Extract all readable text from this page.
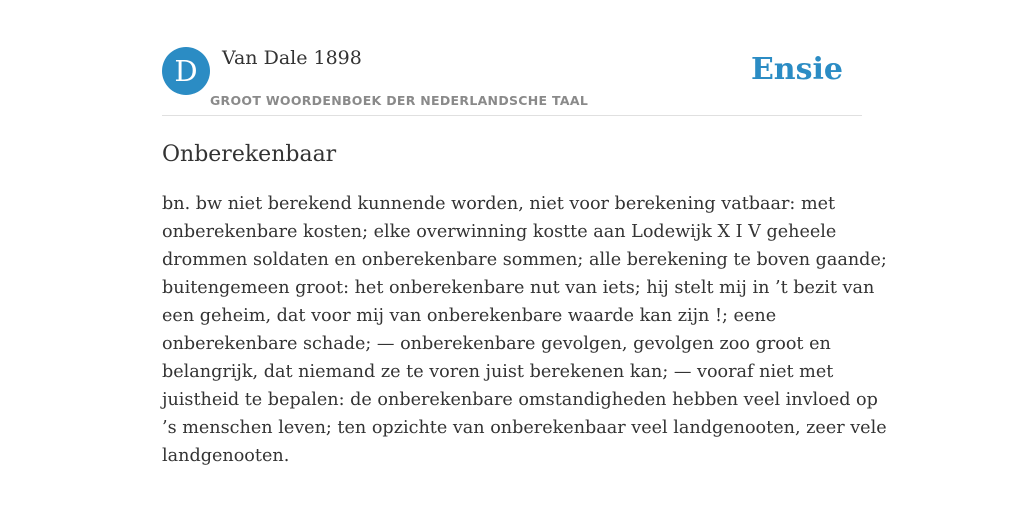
D	Van Dale 1898
GROOT WOORDENBOEK DER NEDERLANDSCHE TAAL
Ensie
Onberekenbaar
bn. bw niet berekend kunnende worden, niet voor berekening vatbaar: met
onberekenbare kosten; elke overwinning kostte aan Lodewijk X I V geheele
drommen soldaten en onberekenbare sommen; alle berekening te boven gaande;
buitengemeen groot: het onberekenbare nut van iets; hij stelt mij in ’t bezit van
een geheim, dat voor mij van onberekenbare waarde kan zijn !; eene
onberekenbare schade; — onberekenbare gevolgen, gevolgen zoo groot en
belangrijk, dat niemand ze te voren juist berekenen kan; — vooraf niet met
juistheid te bepalen: de onberekenbare omstandigheden hebben veel invloed op
’s menschen leven; ten opzichte van onberekenbaar veel landgenooten, zeer vele
landgenooten.
